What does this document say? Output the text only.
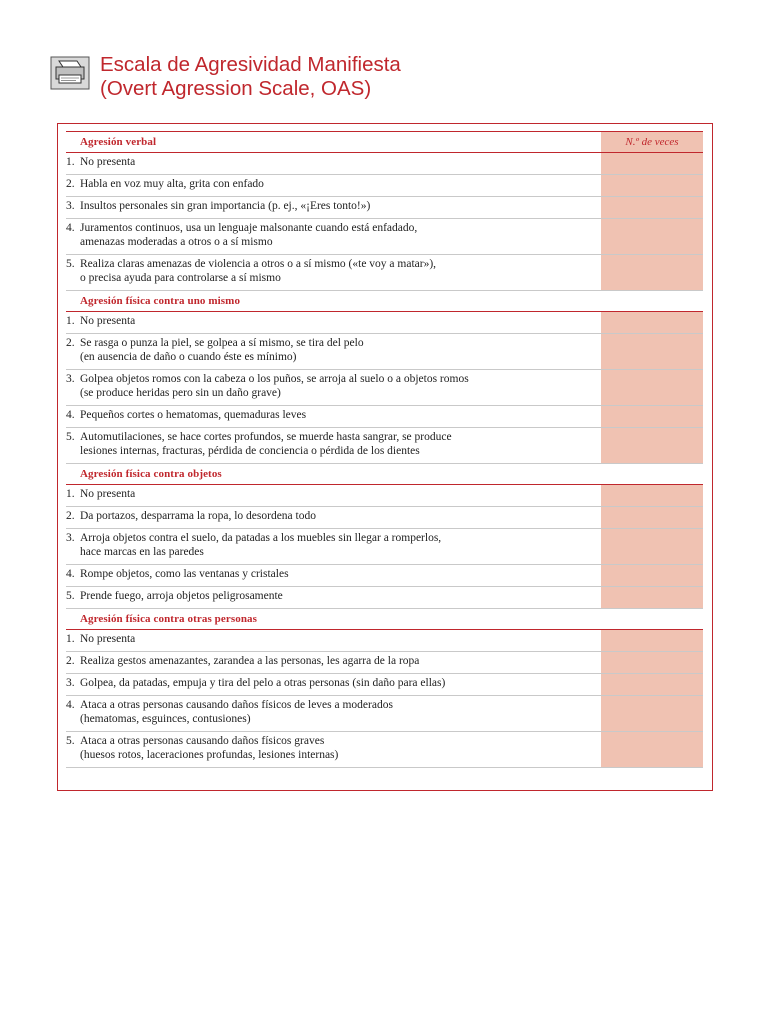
Escala de Agresividad Manifiesta
(Overt Agression Scale, OAS)
Agresión verbal	N.º de veces
1. No presenta
2. Habla en voz muy alta, grita con enfado
3. Insultos personales sin gran importancia (p. ej., «¡Eres tonto!»)
4. Juramentos continuos, usa un lenguaje malsonante cuando está enfadado,
amenazas moderadas a otros o a sí mismo
5. Realiza claras amenazas de violencia a otros o a sí mismo («te voy a matar»),
o precisa ayuda para controlarse a sí mismo
Agresión física contra uno mismo
1. No presenta
2. Se rasga o punza la piel, se golpea a sí mismo, se tira del pelo
(en ausencia de daño o cuando éste es mínimo)
3. Golpea objetos romos con la cabeza o los puños, se arroja al suelo o a objetos romos
(se produce heridas pero sin un daño grave)
4. Pequeños cortes o hematomas, quemaduras leves
5. Automutilaciones, se hace cortes profundos, se muerde hasta sangrar, se produce
lesiones internas, fracturas, pérdida de conciencia o pérdida de los dientes
Agresión física contra objetos
1. No presenta
2. Da portazos, desparrama la ropa, lo desordena todo
3. Arroja objetos contra el suelo, da patadas a los muebles sin llegar a romperlos,
hace marcas en las paredes
4. Rompe objetos, como las ventanas y cristales
5. Prende fuego, arroja objetos peligrosamente
Agresión física contra otras personas
1. No presenta
2. Realiza gestos amenazantes, zarandea a las personas, les agarra de la ropa
3. Golpea, da patadas, empuja y tira del pelo a otras personas (sin daño para ellas)
4. Ataca a otras personas causando daños físicos de leves a moderados
(hematomas, esguinces, contusiones)
5. Ataca a otras personas causando daños físicos graves
(huesos rotos, laceraciones profundas, lesiones internas)
